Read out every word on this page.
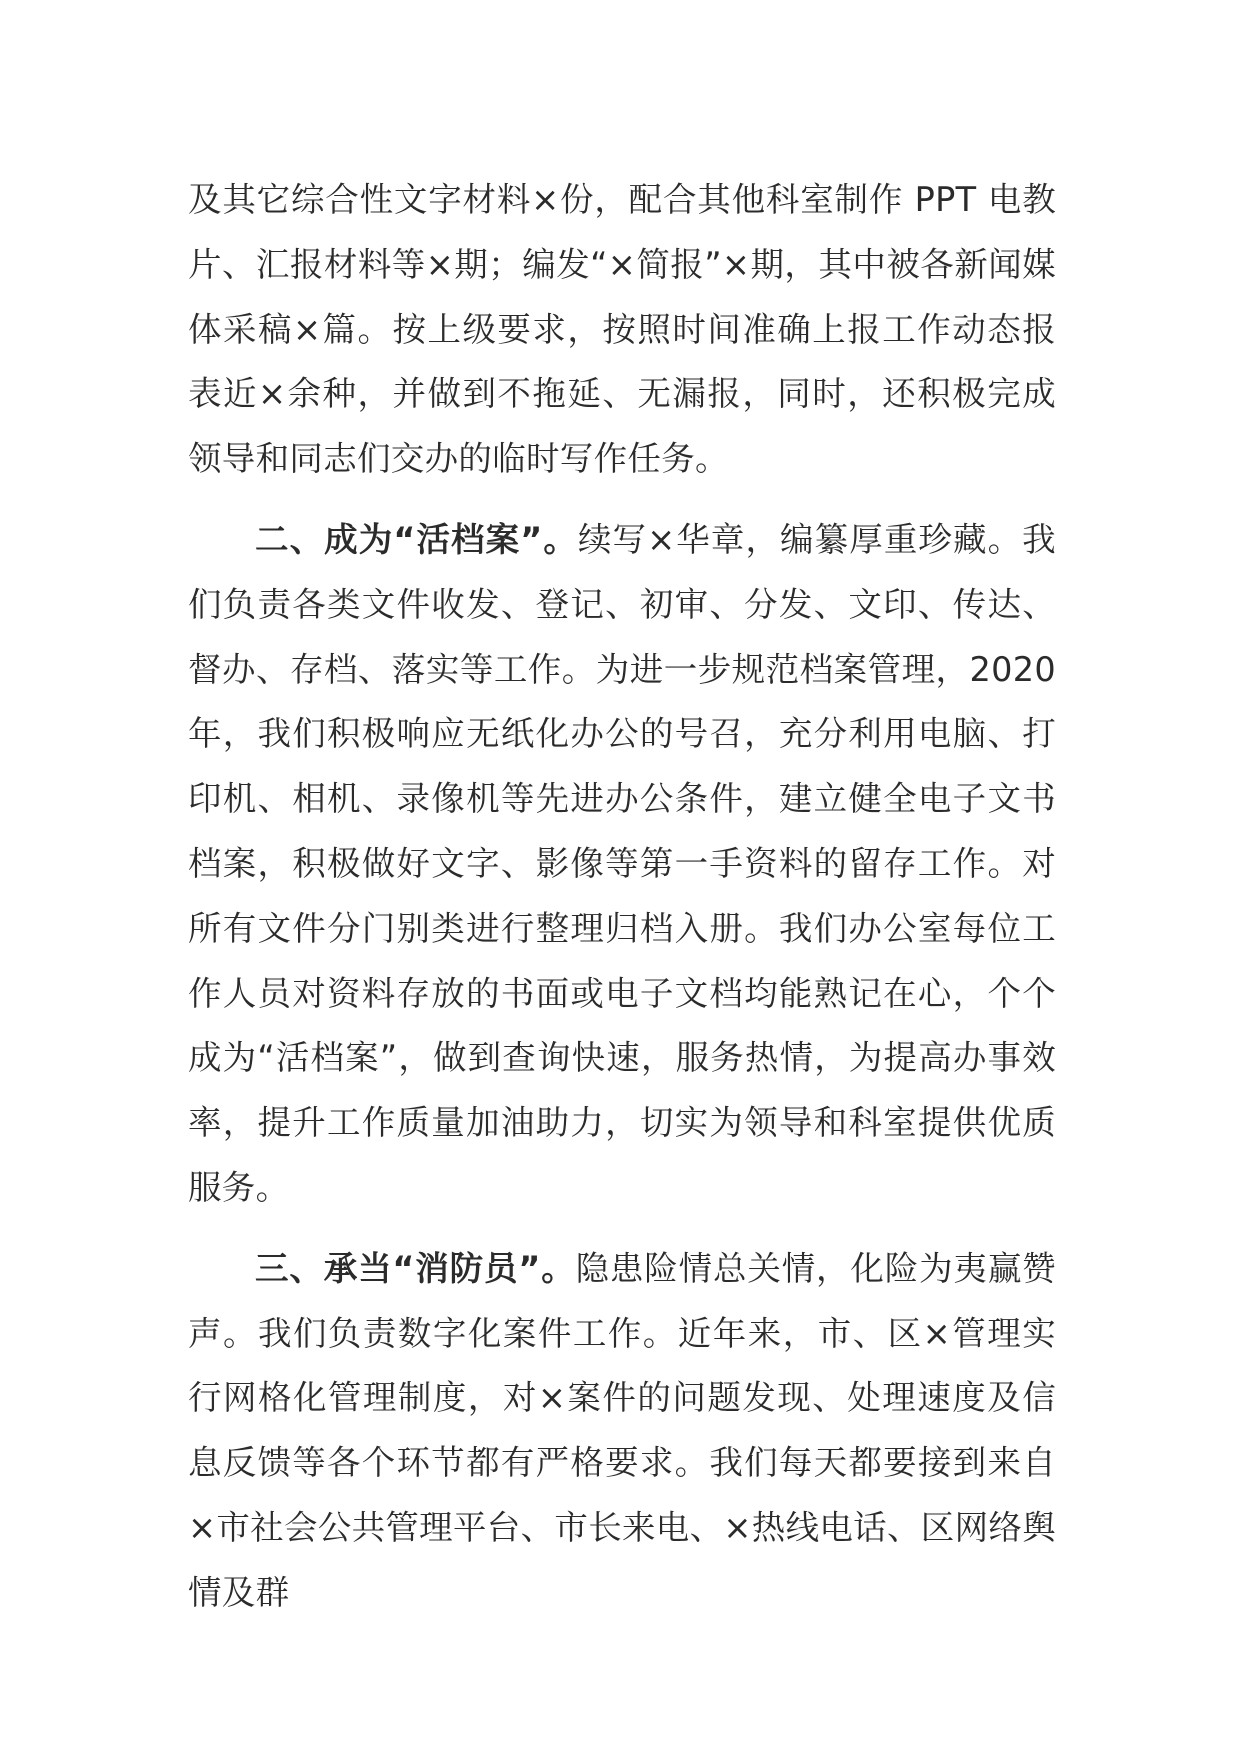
及其它综合性文字材料×份，配合其他科室制作 PPT 电教片、汇报材料等×期；编发“×简报”×期，其中被各新闻媒体采稿×篇。按上级要求，按照时间准确上报工作动态报表近×余种，并做到不拖延、无漏报，同时，还积极完成领导和同志们交办的临时写作任务。

二、成为“活档案”。续写×华章，编纂厚重珍藏。我们负责各类文件收发、登记、初审、分发、文印、传达、督办、存档、落实等工作。为进一步规范档案管理，2020年，我们积极响应无纸化办公的号召，充分利用电脑、打印机、相机、录像机等先进办公条件，建立健全电子文书档案，积极做好文字、影像等第一手资料的留存工作。对所有文件分门别类进行整理归档入册。我们办公室每位工作人员对资料存放的书面或电子文档均能熟记在心，个个成为“活档案”，做到查询快速，服务热情，为提高办事效率，提升工作质量加油助力，切实为领导和科室提供优质服务。

三、承当“消防员”。隐患险情总关情，化险为夷赢赞声。我们负责数字化案件工作。近年来，市、区×管理实行网格化管理制度，对×案件的问题发现、处理速度及信息反馈等各个环节都有严格要求。我们每天都要接到来自×市社会公共管理平台、市长来电、×热线电话、区网络舆情及群
